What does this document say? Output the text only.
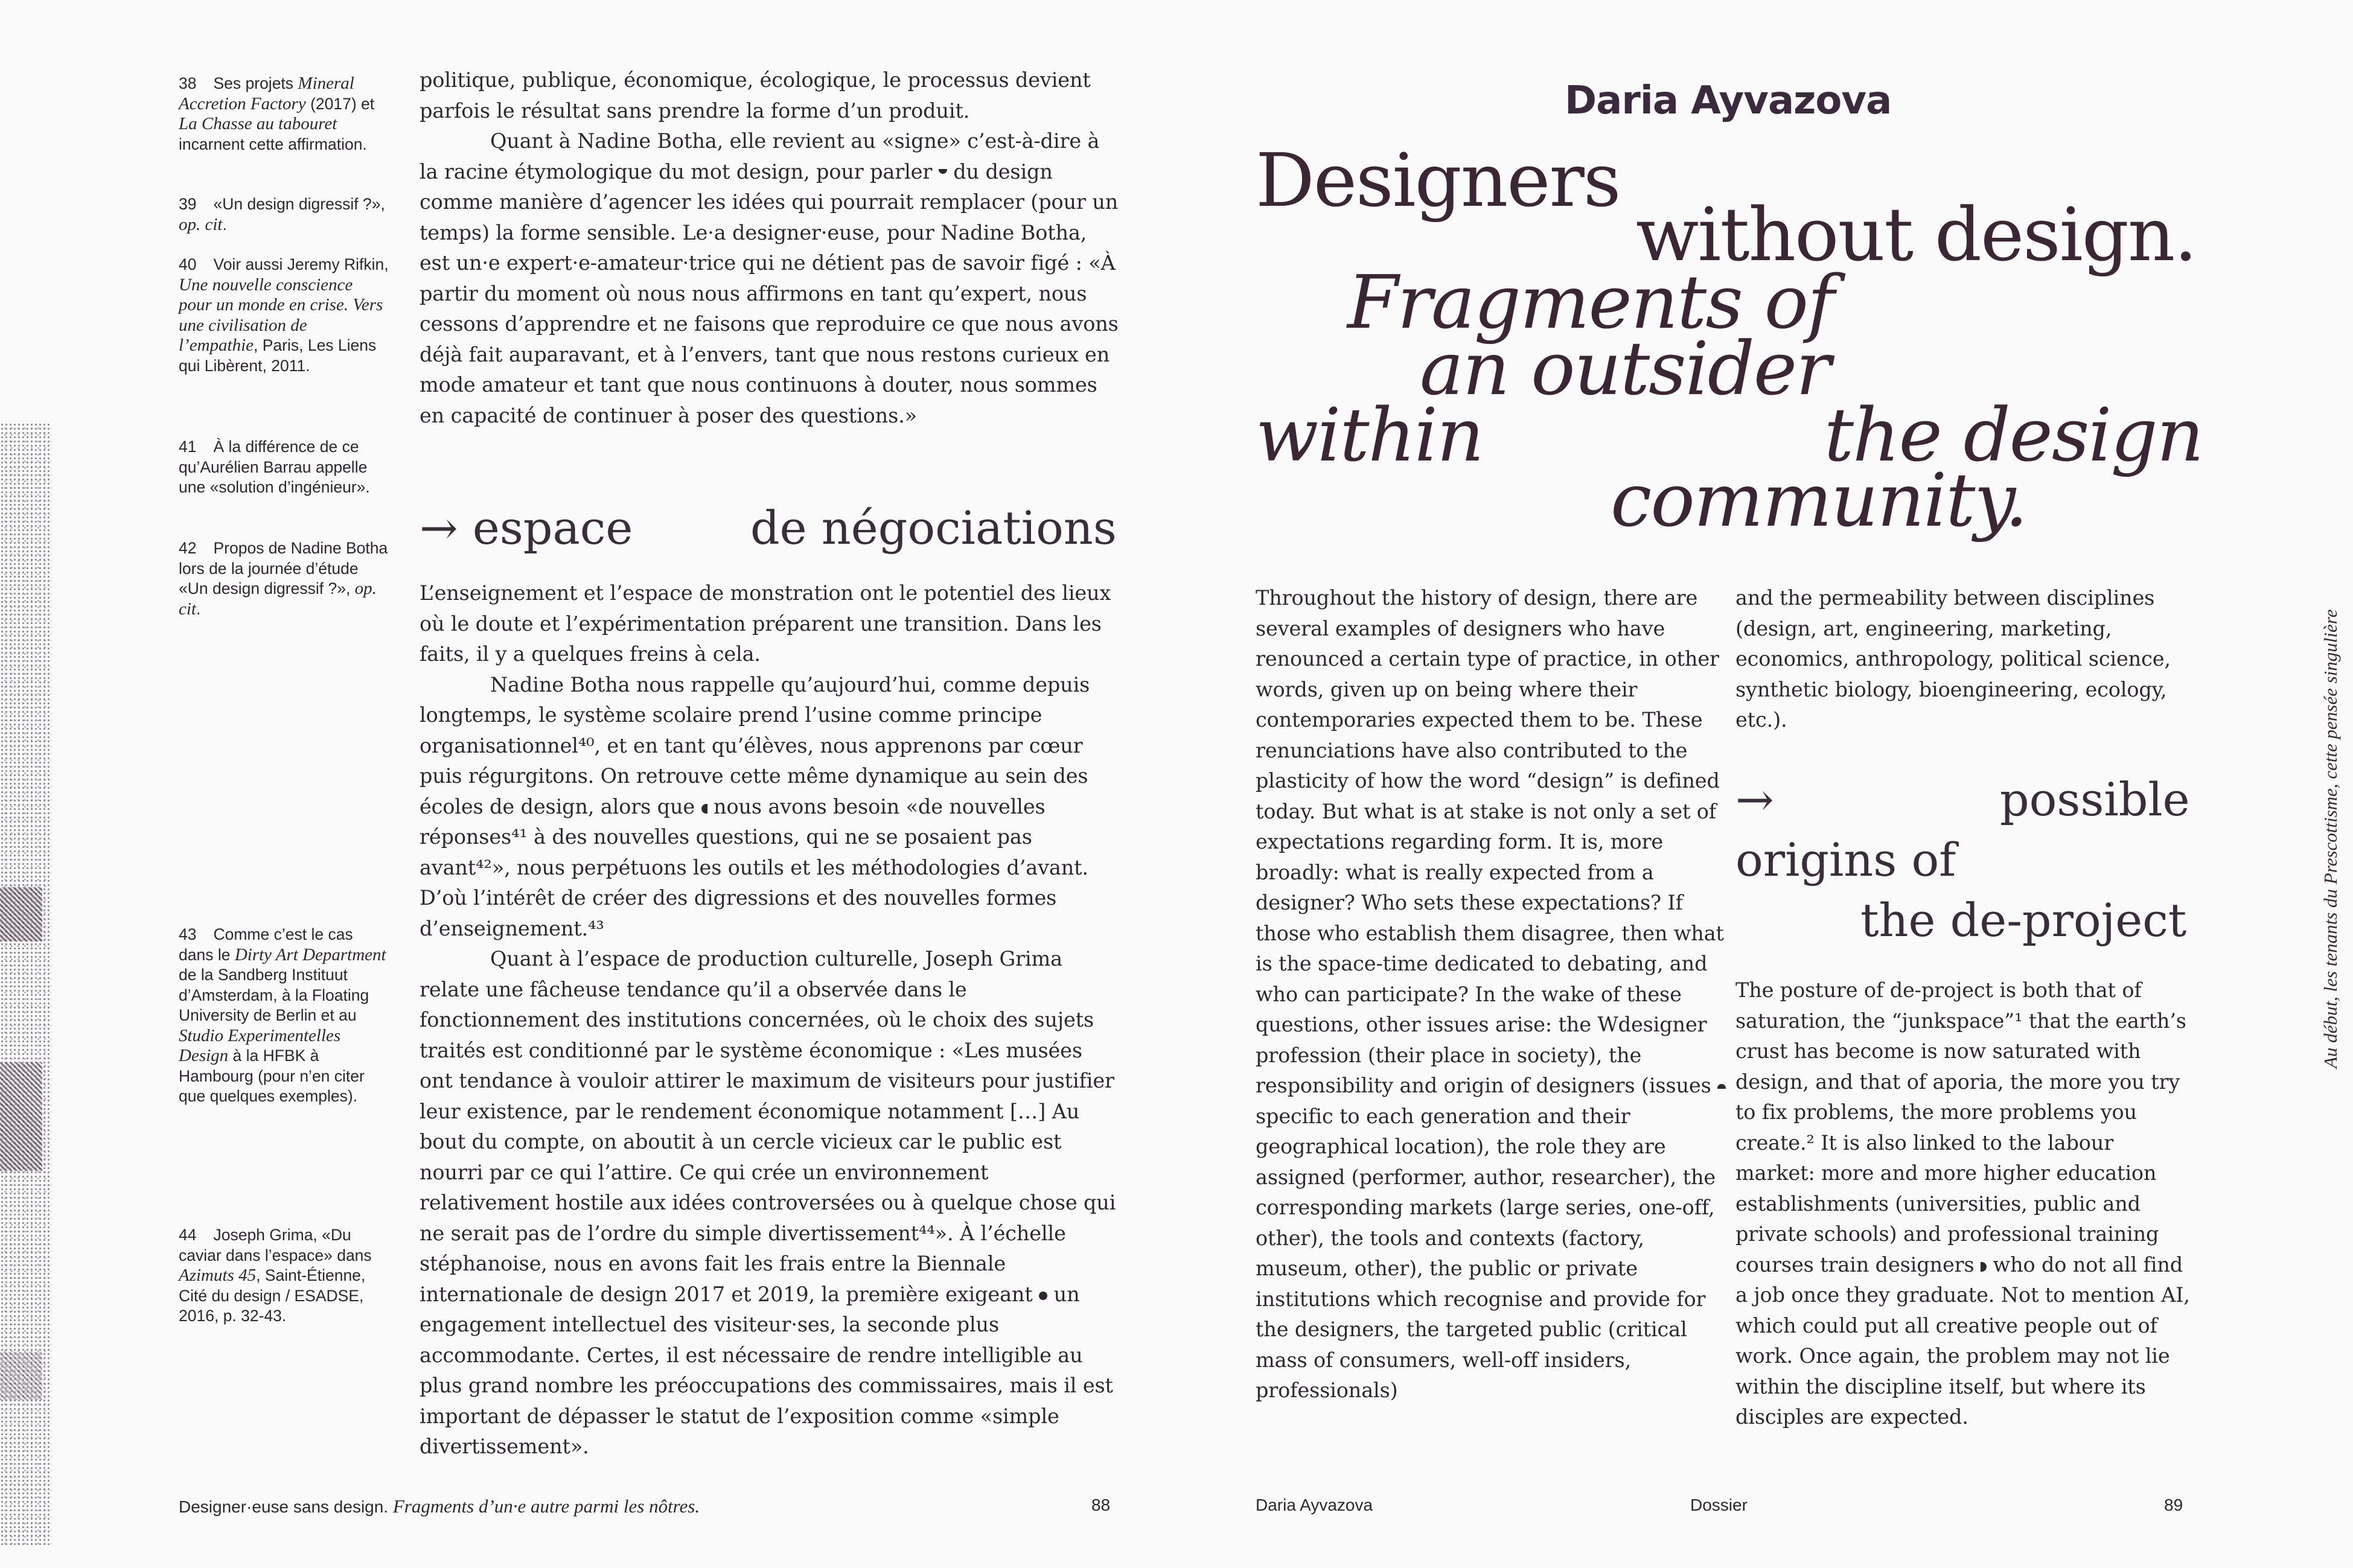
38 Ses projets Mineral Accretion Factory (2017) et La Chasse au tabouret incarnent cette affirmation.
39 «Un design digressif ?», op. cit.
40 Voir aussi Jeremy Rifkin, Une nouvelle conscience pour un monde en crise. Vers une civilisation de l’empathie, Paris, Les Liens qui Libèrent, 2011.
41 À la différence de ce qu’Aurélien Barrau appelle une «solution d’ingénieur».
42 Propos de Nadine Botha lors de la journée d’étude «Un design digressif ?», op. cit.
43 Comme c’est le cas dans le Dirty Art Department de la Sandberg Instituut d’Amsterdam, à la Floating University de Berlin et au Studio Experimentelles Design à la HFBK à Hambourg (pour n’en citer que quelques exemples).
44 Joseph Grima, «Du caviar dans l’espace» dans Azimuts 45, Saint-Étienne, Cité du design / ESADSE, 2016, p. 32-43.

politique, publique, économique, écologique, le processus devient parfois le résultat sans prendre la forme d’un produit.

Quant à Nadine Botha, elle revient au «signe» c’est-à-dire à la racine étymologique du mot design, pour parler  du design comme manière d’agencer les idées qui pourrait remplacer (pour un temps) la forme sensible. Le·a designer·euse, pour Nadine Botha, est un·e expert·e-amateur·trice qui ne détient pas de savoir figé : «À partir du moment où nous nous affirmons en tant qu’expert, nous cessons d’apprendre et ne faisons que reproduire ce que nous avons déjà fait auparavant, et à l’envers, tant que nous restons curieux en mode amateur et tant que nous continuons à douter, nous sommes en capacité de continuer à poser des questions.»

→ espace	de négociations

L’enseignement et l’espace de monstration ont le potentiel des lieux où le doute et l’expérimentation préparent une transition. Dans les faits, il y a quelques freins à cela.

Nadine Botha nous rappelle qu’aujourd’hui, comme depuis longtemps, le système scolaire prend l’usine comme principe organisationnel⁴⁰, et en tant qu’élèves, nous apprenons par cœur puis régurgitons. On retrouve cette même dynamique au sein des écoles de design, alors que  nous avons besoin «de nouvelles réponses⁴¹ à des nouvelles questions, qui ne se posaient pas avant⁴²», nous perpétuons les outils et les méthodologies d’avant. D’où l’intérêt de créer des digressions et des nouvelles formes d’enseignement.⁴³

Quant à l’espace de production culturelle, Joseph Grima relate une fâcheuse tendance qu’il a observée dans le fonctionnement des institutions concernées, où le choix des sujets traités est conditionné par le système économique : «Les musées ont tendance à vouloir attirer le maximum de visiteurs pour justifier leur existence, par le rendement économique notamment […] Au bout du compte, on aboutit à un cercle vicieux car le public est nourri par ce qui l’attire. Ce qui crée un environnement relativement hostile aux idées controversées ou à quelque chose qui ne serait pas de l’ordre du simple divertissement⁴⁴». À l’échelle stéphanoise, nous en avons fait les frais entre la Biennale internationale de design 2017 et 2019, la première exigeant  un engagement intellectuel des visiteur·ses, la seconde plus accommodante. Certes, il est nécessaire de rendre intelligible au plus grand nombre les préoccupations des commissaires, mais il est important de dépasser le statut de l’exposition comme «simple divertissement».

Daria Ayvazova
Designers
without design.
Fragments of
an outsider
within	the design
community.

Throughout the history of design, there are several examples of designers who have renounced a certain type of practice, in other words, given up on being where their contemporaries expected them to be. These renunciations have also contributed to the plasticity of how the word “design” is defined today. But what is at stake is not only a set of expectations regarding form. It is, more broadly: what is really expected from a designer? Who sets these expectations? If those who establish them disagree, then what is the space-time dedicated to debating, and who can participate? In the wake of these questions, other issues arise: the Wdesigner profession (their place in society), the responsibility and origin of designers (issues  specific to each generation and their geographical location), the role they are assigned (performer, author, researcher), the corresponding markets (large series, one-off, other), the tools and contexts (factory, museum, other), the public or private institutions which recognise and provide for the designers, the targeted public (critical mass of consumers, well-off insiders, professionals)

and the permeability between disciplines (design, art, engineering, marketing, economics, anthropology, political science, synthetic biology, bioengineering, ecology, etc.).

→	possible
origins of
the de-project

The posture of de-project is both that of saturation, the “junkspace”¹ that the earth’s crust has become is now saturated with design, and that of aporia, the more you try to fix problems, the more problems you create.² It is also linked to the labour market: more and more higher education establishments (universities, public and private schools) and professional training courses train designers  who do not all find a job once they graduate. Not to mention AI, which could put all creative people out of work. Once again, the problem may not lie within the discipline itself, but where its disciples are expected.

Au début, les tenants du Prescottisme, cette pensée singulière
Designer·euse sans design. Fragments d’un·e autre parmi les nôtres.	88	Daria Ayvazova	Dossier	89
